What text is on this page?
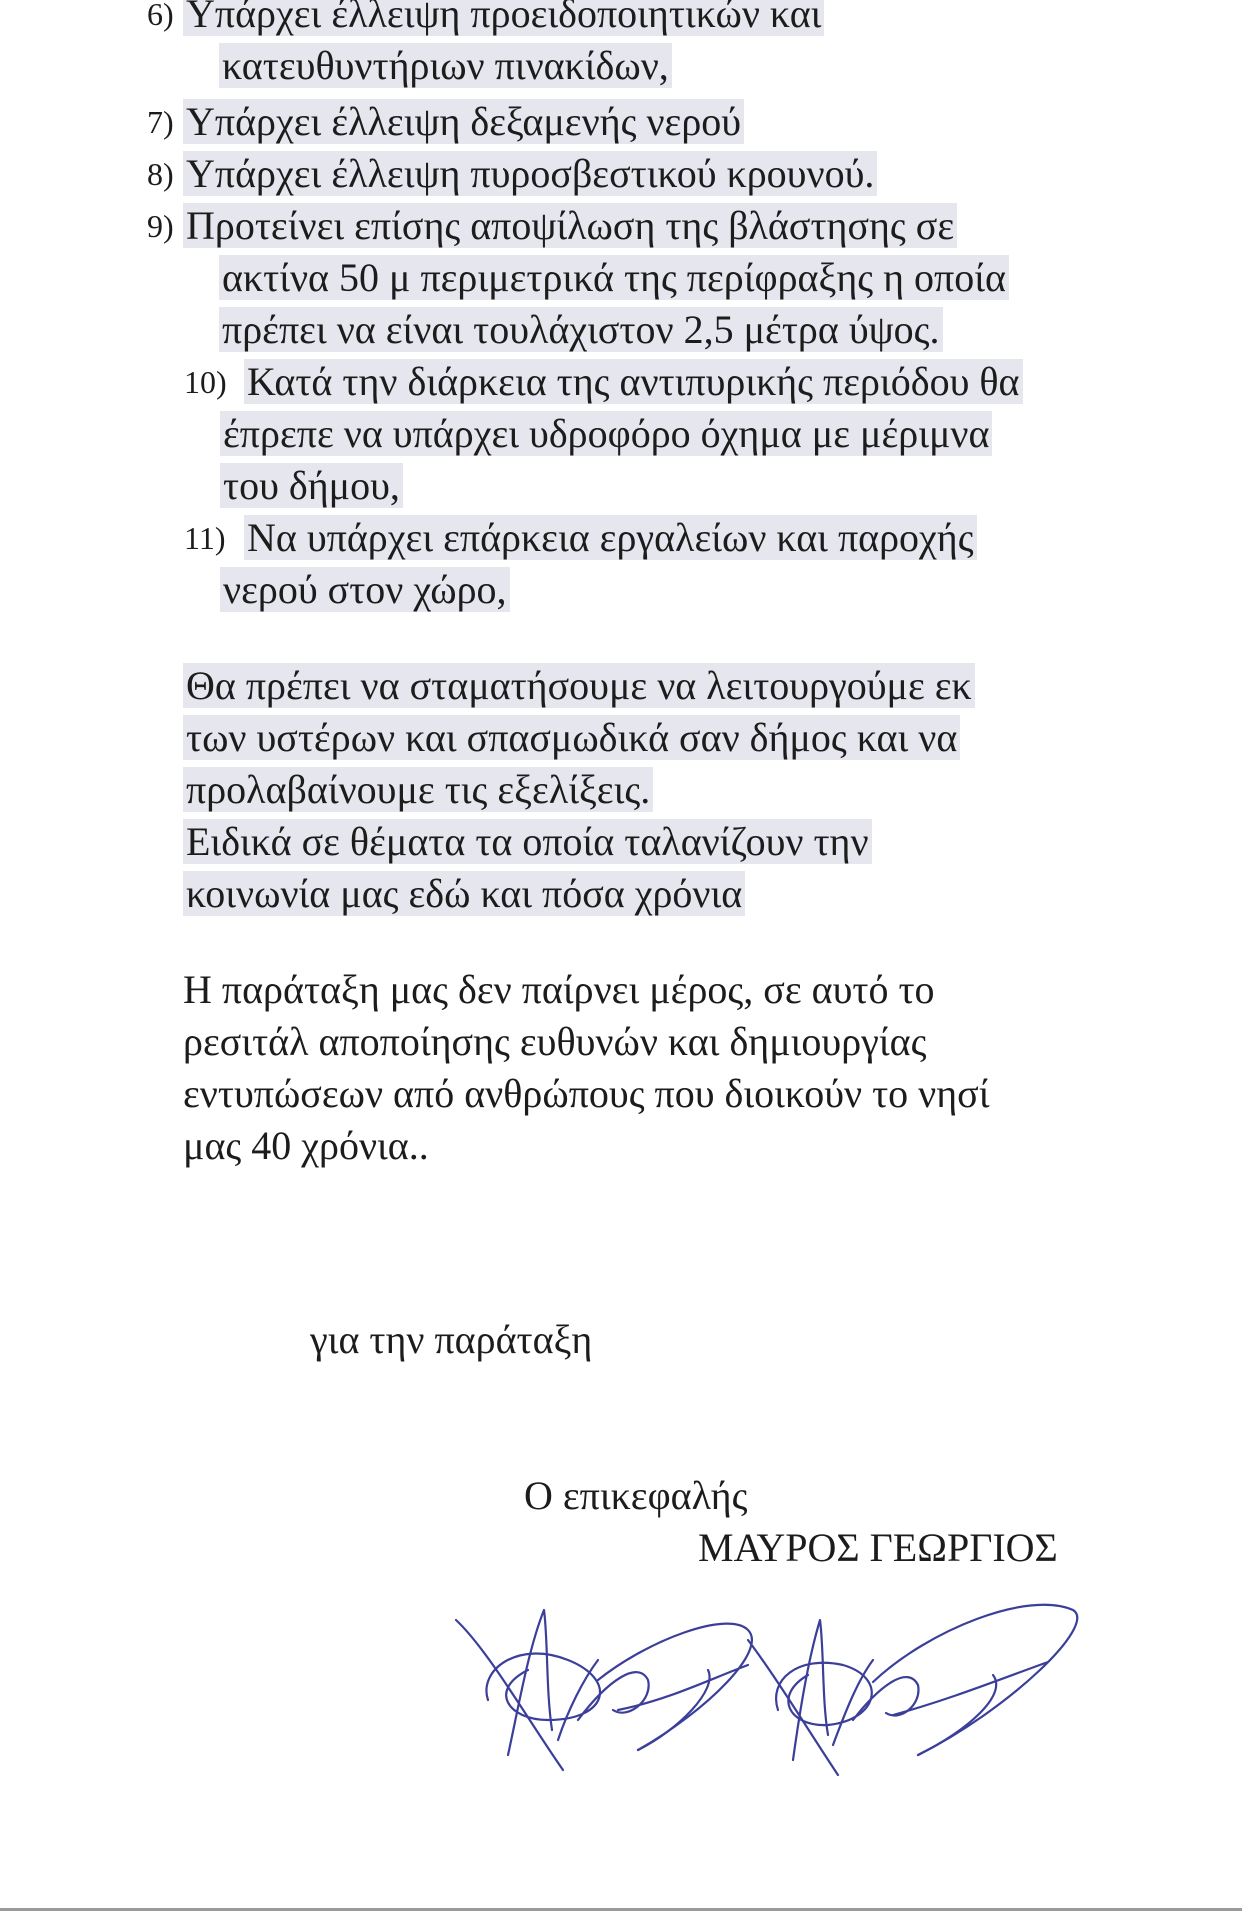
6) Υπάρχει έλλειψη προειδοποιητικών και
κατευθυντήριων πινακίδων,
7) Υπάρχει έλλειψη δεξαμενής νερού
8) Υπάρχει έλλειψη πυροσβεστικού κρουνού.
9) Προτείνει επίσης αποψίλωση της βλάστησης σε
ακτίνα 50 μ περιμετρικά της περίφραξης η οποία
πρέπει να είναι τουλάχιστον 2,5 μέτρα ύψος.
10) Κατά την διάρκεια της αντιπυρικής περιόδου θα
έπρεπε να υπάρχει υδροφόρο όχημα με μέριμνα
του δήμου,
11) Να υπάρχει επάρκεια εργαλείων και παροχής
νερού στον χώρο,
Θα πρέπει να σταματήσουμε να λειτουργούμε εκ
των υστέρων και σπασμωδικά σαν δήμος και να
προλαβαίνουμε τις εξελίξεις.
Ειδικά σε θέματα τα οποία ταλανίζουν την
κοινωνία μας εδώ και πόσα χρόνια
Η παράταξη μας δεν παίρνει μέρος, σε αυτό το
ρεσιτάλ αποποίησης ευθυνών και δημιουργίας
εντυπώσεων από ανθρώπους που διοικούν το νησί
μας 40 χρόνια..
για την παράταξη
Ο επικεφαλής
ΜΑΥΡΟΣ ΓΕΩΡΓΙΟΣ
